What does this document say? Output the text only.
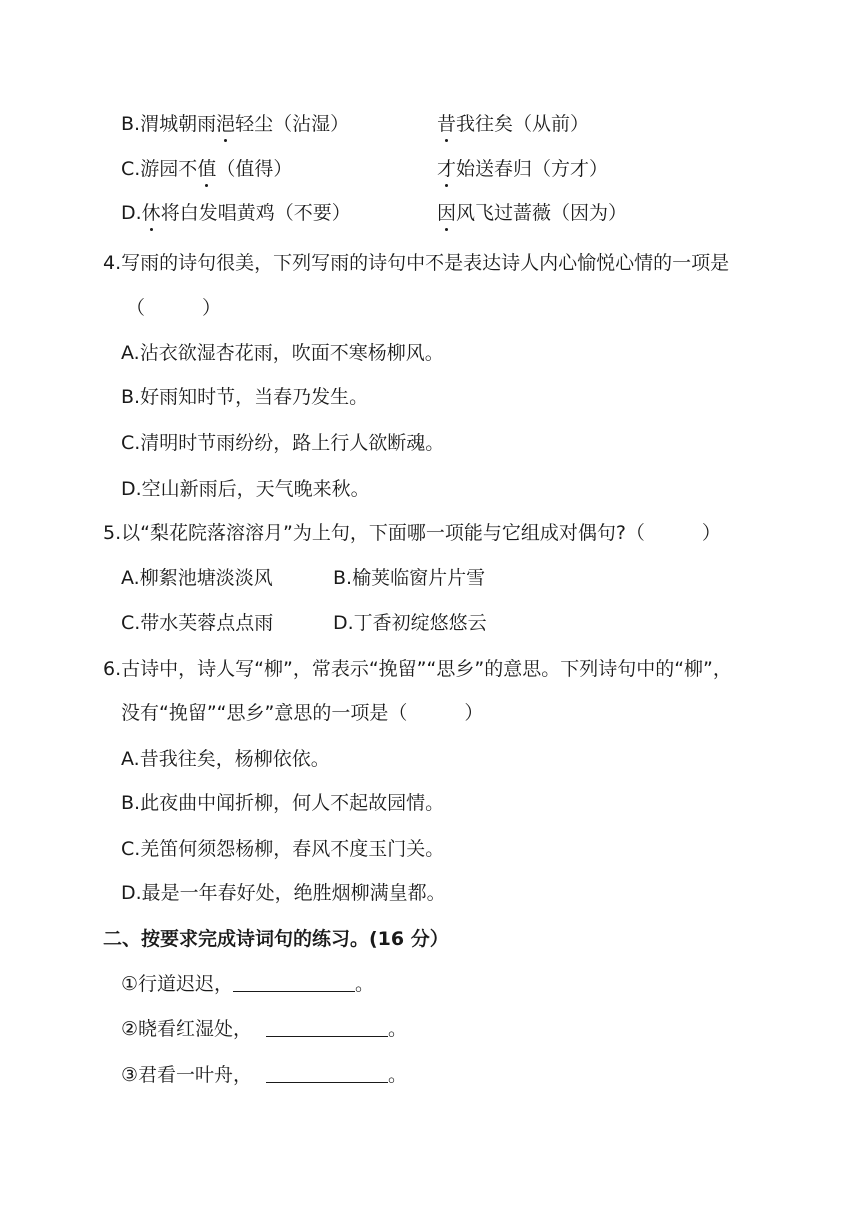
B.渭城朝雨浥轻尘（沾湿）	昔我往矣（从前）
C.游园不值（值得）	才始送春归（方才）
D.休将白发唱黄鸡（不要）	因风飞过蔷薇（因为）
4.写雨的诗句很美，下列写雨的诗句中不是表达诗人内心愉悦心情的一项是
（　　　）
A.沾衣欲湿杏花雨，吹面不寒杨柳风。
B.好雨知时节，当春乃发生。
C.清明时节雨纷纷，路上行人欲断魂。
D.空山新雨后，天气晚来秋。
5.以“梨花院落溶溶月”为上句，下面哪一项能与它组成对偶句?（　　　）
A.柳絮池塘淡淡风	B.榆荚临窗片片雪
C.带水芙蓉点点雨	D.丁香初绽悠悠云
6.古诗中，诗人写“柳”，常表示“挽留”“思乡”的意思。下列诗句中的“柳”，
没有“挽留”“思乡”意思的一项是（　　　）
A.昔我往矣，杨柳依依。
B.此夜曲中闻折柳，何人不起故园情。
C.羌笛何须怨杨柳，春风不度玉门关。
D.最是一年春好处，绝胜烟柳满皇都。
二、按要求完成诗词句的练习。(16 分）
①行道迟迟，	。
②晓看红湿处，	。
③君看一叶舟，	。
